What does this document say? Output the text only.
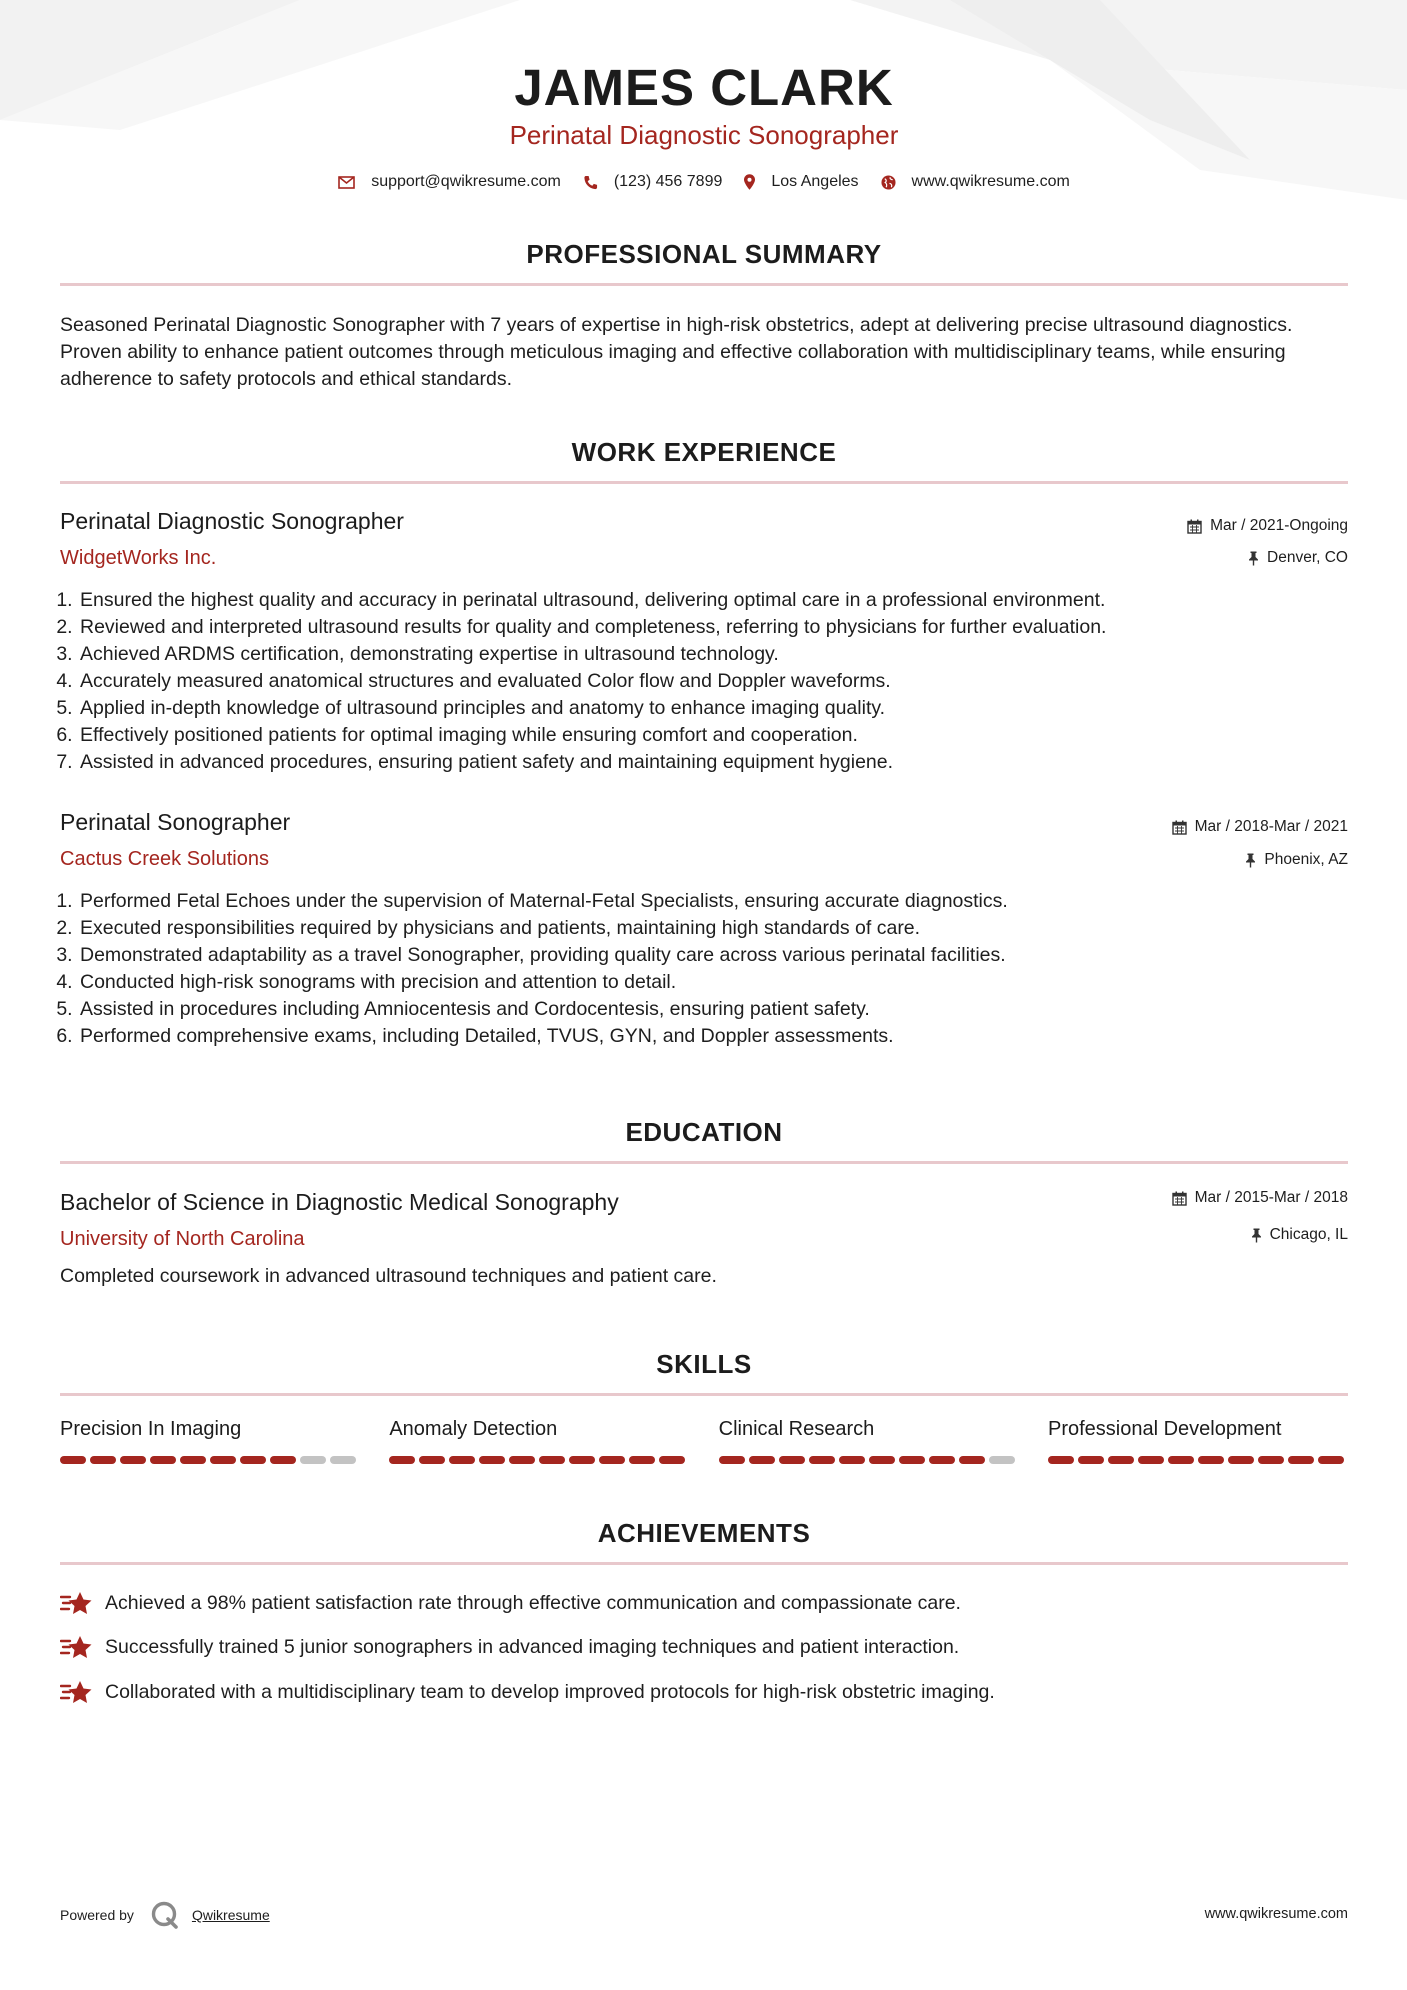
JAMES CLARK
Perinatal Diagnostic Sonographer
support@qwikresume.com	(123) 456 7899	Los Angeles	www.qwikresume.com
PROFESSIONAL SUMMARY
Seasoned Perinatal Diagnostic Sonographer with 7 years of expertise in high-risk obstetrics, adept at delivering precise ultrasound diagnostics. Proven ability to enhance patient outcomes through meticulous imaging and effective collaboration with multidisciplinary teams, while ensuring adherence to safety protocols and ethical standards.
WORK EXPERIENCE
Perinatal Diagnostic Sonographer
WidgetWorks Inc.
Mar / 2021-Ongoing
Denver, CO
1. Ensured the highest quality and accuracy in perinatal ultrasound, delivering optimal care in a professional environment.
2. Reviewed and interpreted ultrasound results for quality and completeness, referring to physicians for further evaluation.
3. Achieved ARDMS certification, demonstrating expertise in ultrasound technology.
4. Accurately measured anatomical structures and evaluated Color flow and Doppler waveforms.
5. Applied in-depth knowledge of ultrasound principles and anatomy to enhance imaging quality.
6. Effectively positioned patients for optimal imaging while ensuring comfort and cooperation.
7. Assisted in advanced procedures, ensuring patient safety and maintaining equipment hygiene.
Perinatal Sonographer
Cactus Creek Solutions
Mar / 2018-Mar / 2021
Phoenix, AZ
1. Performed Fetal Echoes under the supervision of Maternal-Fetal Specialists, ensuring accurate diagnostics.
2. Executed responsibilities required by physicians and patients, maintaining high standards of care.
3. Demonstrated adaptability as a travel Sonographer, providing quality care across various perinatal facilities.
4. Conducted high-risk sonograms with precision and attention to detail.
5. Assisted in procedures including Amniocentesis and Cordocentesis, ensuring patient safety.
6. Performed comprehensive exams, including Detailed, TVUS, GYN, and Doppler assessments.
EDUCATION
Bachelor of Science in Diagnostic Medical Sonography
University of North Carolina
Mar / 2015-Mar / 2018
Chicago, IL
Completed coursework in advanced ultrasound techniques and patient care.
SKILLS
Precision In Imaging	Anomaly Detection	Clinical Research	Professional Development
ACHIEVEMENTS
Achieved a 98% patient satisfaction rate through effective communication and compassionate care.
Successfully trained 5 junior sonographers in advanced imaging techniques and patient interaction.
Collaborated with a multidisciplinary team to develop improved protocols for high-risk obstetric imaging.
Powered by	Qwikresume	www.qwikresume.com
